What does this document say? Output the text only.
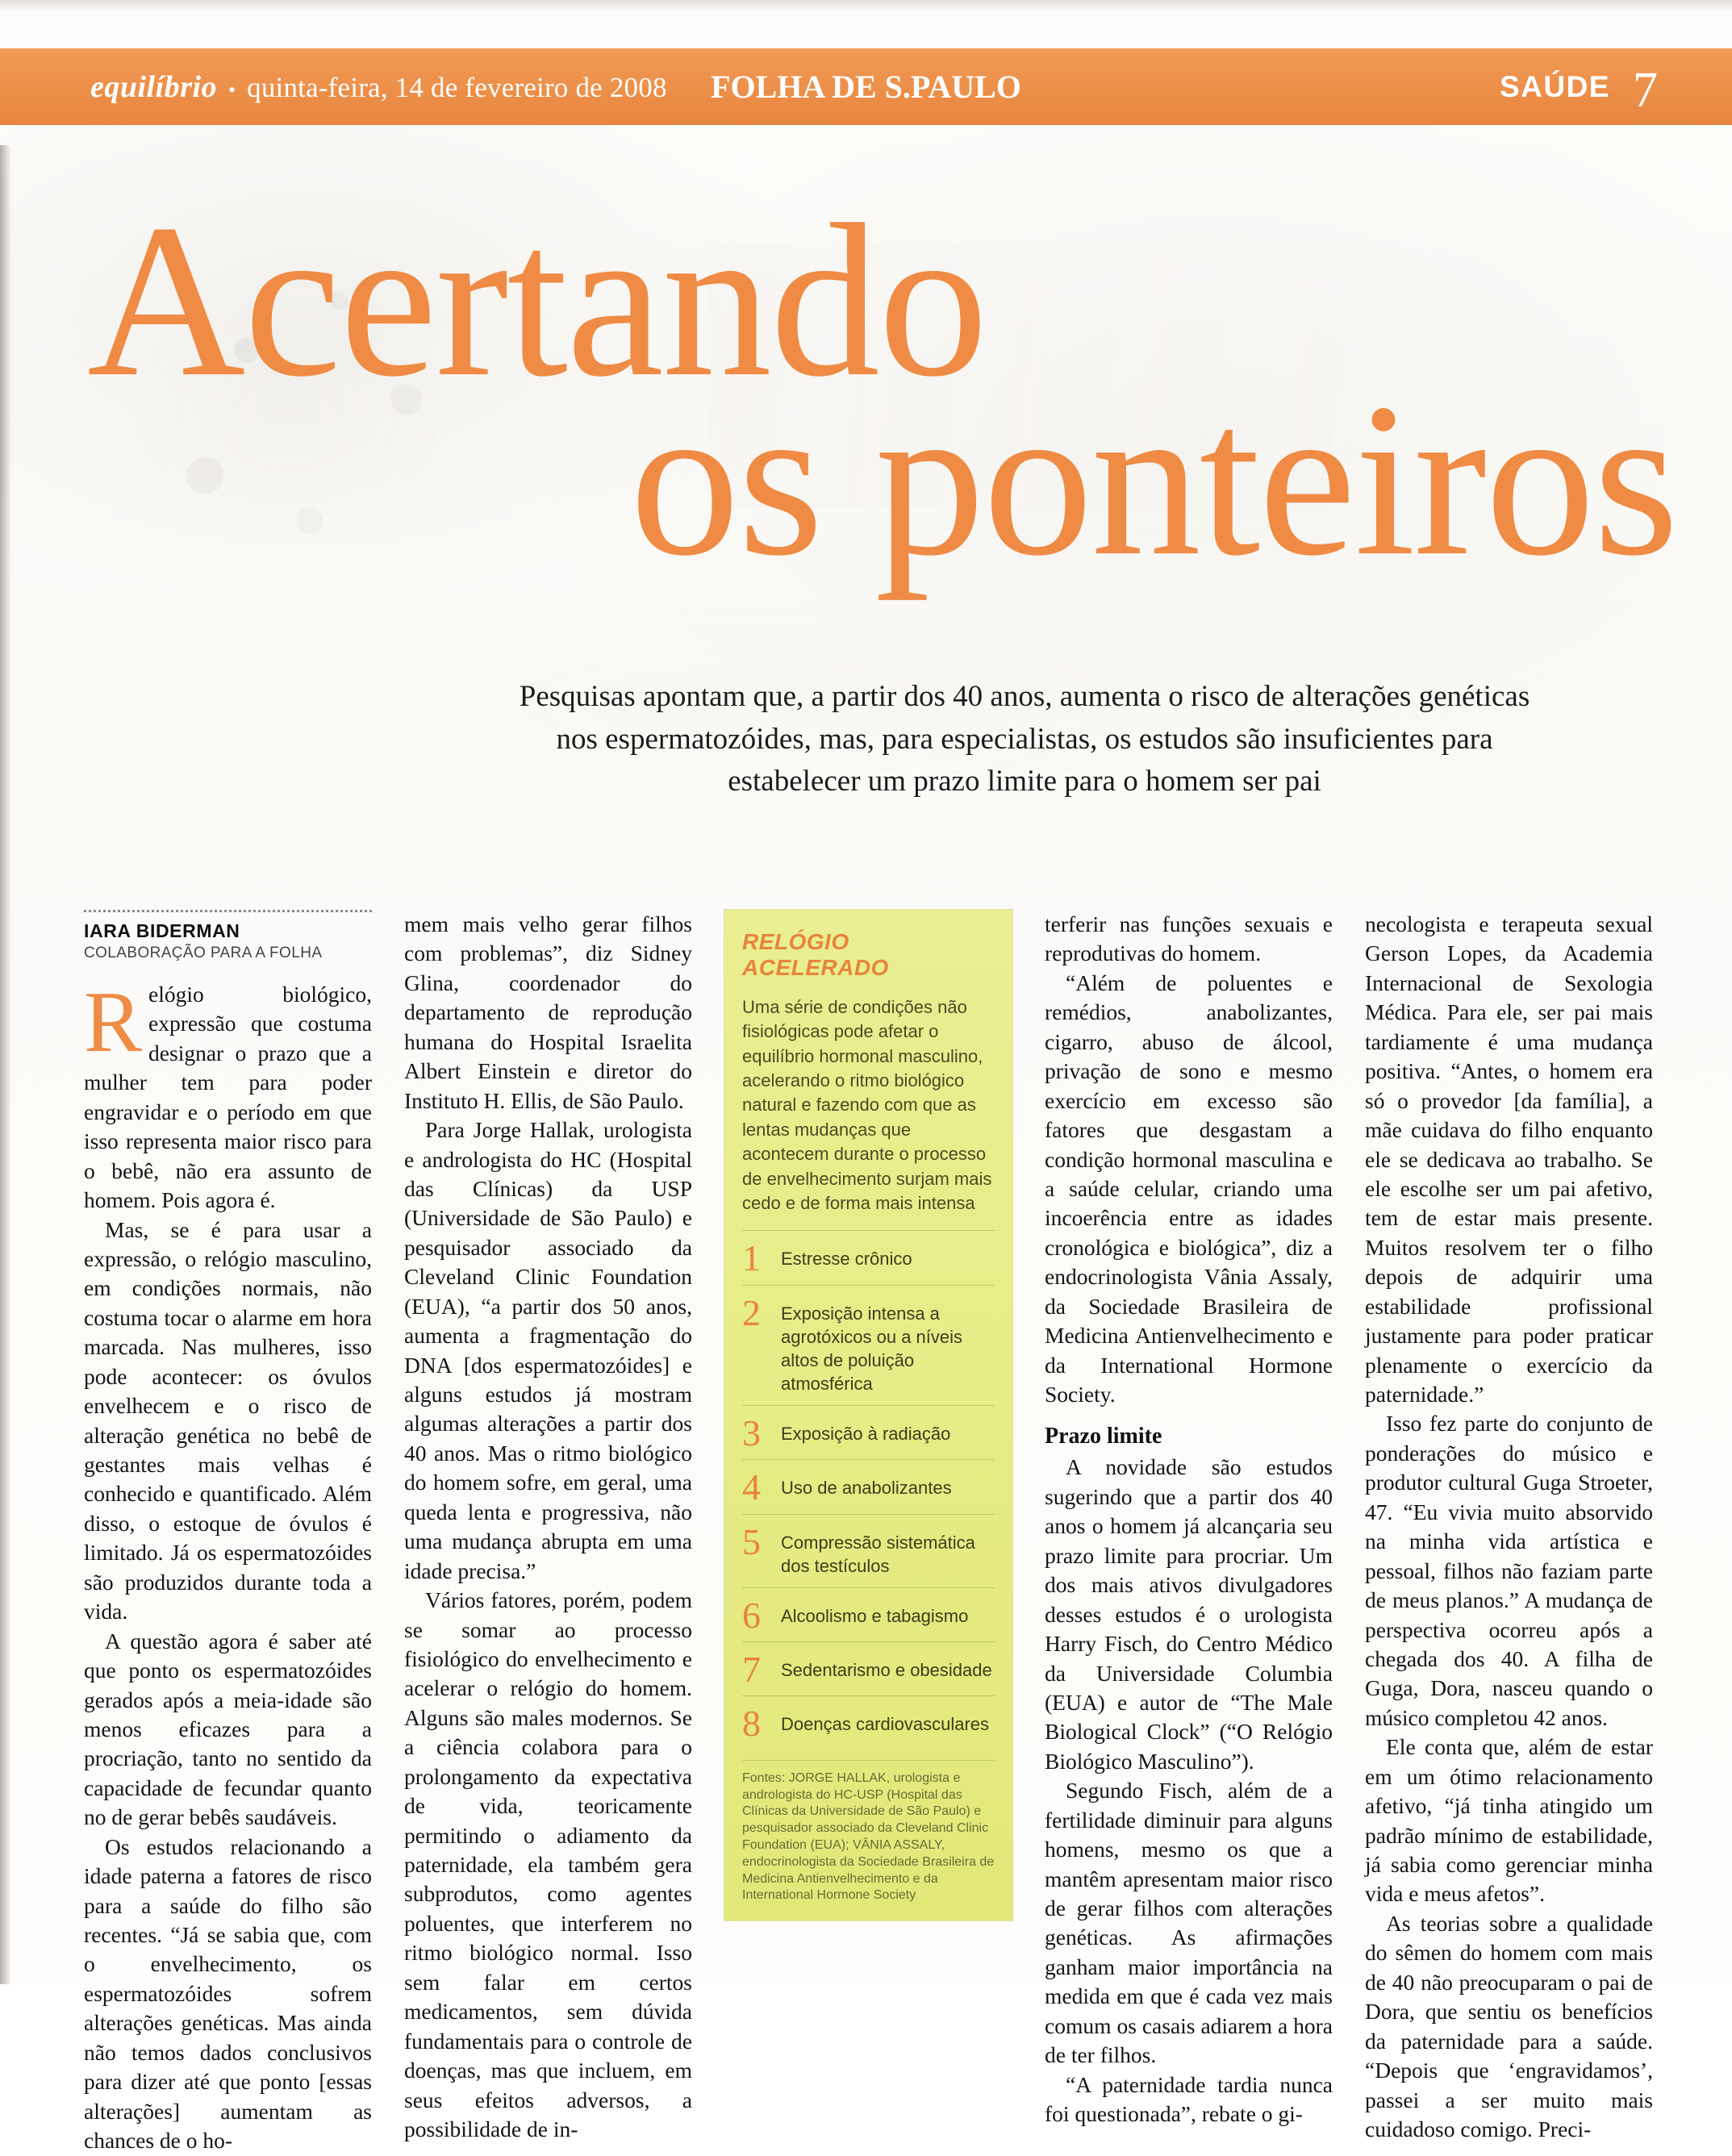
equilíbrio • quinta-feira, 14 de fevereiro de 2008	FOLHA DE S.PAULO	SAÚDE 7
Acertando
os ponteiros
Pesquisas apontam que, a partir dos 40 anos, aumenta o risco de alterações genéticas nos espermatozóides, mas, para especialistas, os estudos são insuficientes para estabelecer um prazo limite para o homem ser pai
IARA BIDERMAN
COLABORAÇÃO PARA A FOLHA
R elógio biológico, expressão que costuma designar o prazo que a mulher tem para poder engravidar e o período em que isso representa maior risco para o bebê, não era assunto de homem. Pois agora é.

Mas, se é para usar a expressão, o relógio masculino, em condições normais, não costuma tocar o alarme em hora marcada. Nas mulheres, isso pode acontecer: os óvulos envelhecem e o risco de alteração genética no bebê de gestantes mais velhas é conhecido e quantificado. Além disso, o estoque de óvulos é limitado. Já os espermatozóides são produzidos durante toda a vida.

A questão agora é saber até que ponto os espermatozóides gerados após a meia-idade são menos eficazes para a procriação, tanto no sentido da capacidade de fecundar quanto no de gerar bebês saudáveis.

Os estudos relacionando a idade paterna a fatores de risco para a saúde do filho são recentes. “Já se sabia que, com o envelhecimento, os espermatozóides sofrem alterações genéticas. Mas ainda não temos dados conclusivos para dizer até que ponto [essas alterações] aumentam as chances de o ho-

mem mais velho gerar filhos com problemas”, diz Sidney Glina, coordenador do departamento de reprodução humana do Hospital Israelita Albert Einstein e diretor do Instituto H. Ellis, de São Paulo.

Para Jorge Hallak, urologista e andrologista do HC (Hospital das Clínicas) da USP (Universidade de São Paulo) e pesquisador associado da Cleveland Clinic Foundation (EUA), “a partir dos 50 anos, aumenta a fragmentação do DNA [dos espermatozóides] e alguns estudos já mostram algumas alterações a partir dos 40 anos. Mas o ritmo biológico do homem sofre, em geral, uma queda lenta e progressiva, não uma mudança abrupta em uma idade precisa.”

Vários fatores, porém, podem se somar ao processo fisiológico do envelhecimento e acelerar o relógio do homem. Alguns são males modernos. Se a ciência colabora para o prolongamento da expectativa de vida, teoricamente permitindo o adiamento da paternidade, ela também gera subprodutos, como agentes poluentes, que interferem no ritmo biológico normal. Isso sem falar em certos medicamentos, sem dúvida fundamentais para o controle de doenças, mas que incluem, em seus efeitos adversos, a possibilidade de in-

RELÓGIO ACELERADO
Uma série de condições não fisiológicas pode afetar o equilíbrio hormonal masculino, acelerando o ritmo biológico natural e fazendo com que as lentas mudanças que acontecem durante o processo de envelhecimento surjam mais cedo e de forma mais intensa
1	Estresse crônico
2	Exposição intensa a agrotóxicos ou a níveis altos de poluição atmosférica
3	Exposição à radiação
4	Uso de anabolizantes
5	Compressão sistemática dos testículos
6	Alcoolismo e tabagismo
7	Sedentarismo e obesidade
8	Doenças cardiovasculares
Fontes: JORGE HALLAK, urologista e andrologista do HC-USP (Hospital das Clínicas da Universidade de São Paulo) e pesquisador associado da Cleveland Clinic Foundation (EUA); VÂNIA ASSALY, endocrinologista da Sociedade Brasileira de Medicina Antienvelhecimento e da International Hormone Society

terferir nas funções sexuais e reprodutivas do homem.

“Além de poluentes e remédios, anabolizantes, cigarro, abuso de álcool, privação de sono e mesmo exercício em excesso são fatores que desgastam a condição hormonal masculina e a saúde celular, criando uma incoerência entre as idades cronológica e biológica”, diz a endocrinologista Vânia Assaly, da Sociedade Brasileira de Medicina Antienvelhecimento e da International Hormone Society.

Prazo limite

A novidade são estudos sugerindo que a partir dos 40 anos o homem já alcançaria seu prazo limite para procriar. Um dos mais ativos divulgadores desses estudos é o urologista Harry Fisch, do Centro Médico da Universidade Columbia (EUA) e autor de “The Male Biological Clock” (“O Relógio Biológico Masculino”).

Segundo Fisch, além de a fertilidade diminuir para alguns homens, mesmo os que a mantêm apresentam maior risco de gerar filhos com alterações genéticas. As afirmações ganham maior importância na medida em que é cada vez mais comum os casais adiarem a hora de ter filhos.

“A paternidade tardia nunca foi questionada”, rebate o gi-

necologista e terapeuta sexual Gerson Lopes, da Academia Internacional de Sexologia Médica. Para ele, ser pai mais tardiamente é uma mudança positiva. “Antes, o homem era só o provedor [da família], a mãe cuidava do filho enquanto ele se dedicava ao trabalho. Se ele escolhe ser um pai afetivo, tem de estar mais presente. Muitos resolvem ter o filho depois de adquirir uma estabilidade profissional justamente para poder praticar plenamente o exercício da paternidade.”

Isso fez parte do conjunto de ponderações do músico e produtor cultural Guga Stroeter, 47. “Eu vivia muito absorvido na minha vida artística e pessoal, filhos não faziam parte de meus planos.” A mudança de perspectiva ocorreu após a chegada dos 40. A filha de Guga, Dora, nasceu quando o músico completou 42 anos.

Ele conta que, além de estar em um ótimo relacionamento afetivo, “já tinha atingido um padrão mínimo de estabilidade, já sabia como gerenciar minha vida e meus afetos”.

As teorias sobre a qualidade do sêmen do homem com mais de 40 não preocuparam o pai de Dora, que sentiu os benefícios da paternidade para a saúde. “Depois que ‘engravidamos’, passei a ser muito mais cuidadoso comigo. Preci-
